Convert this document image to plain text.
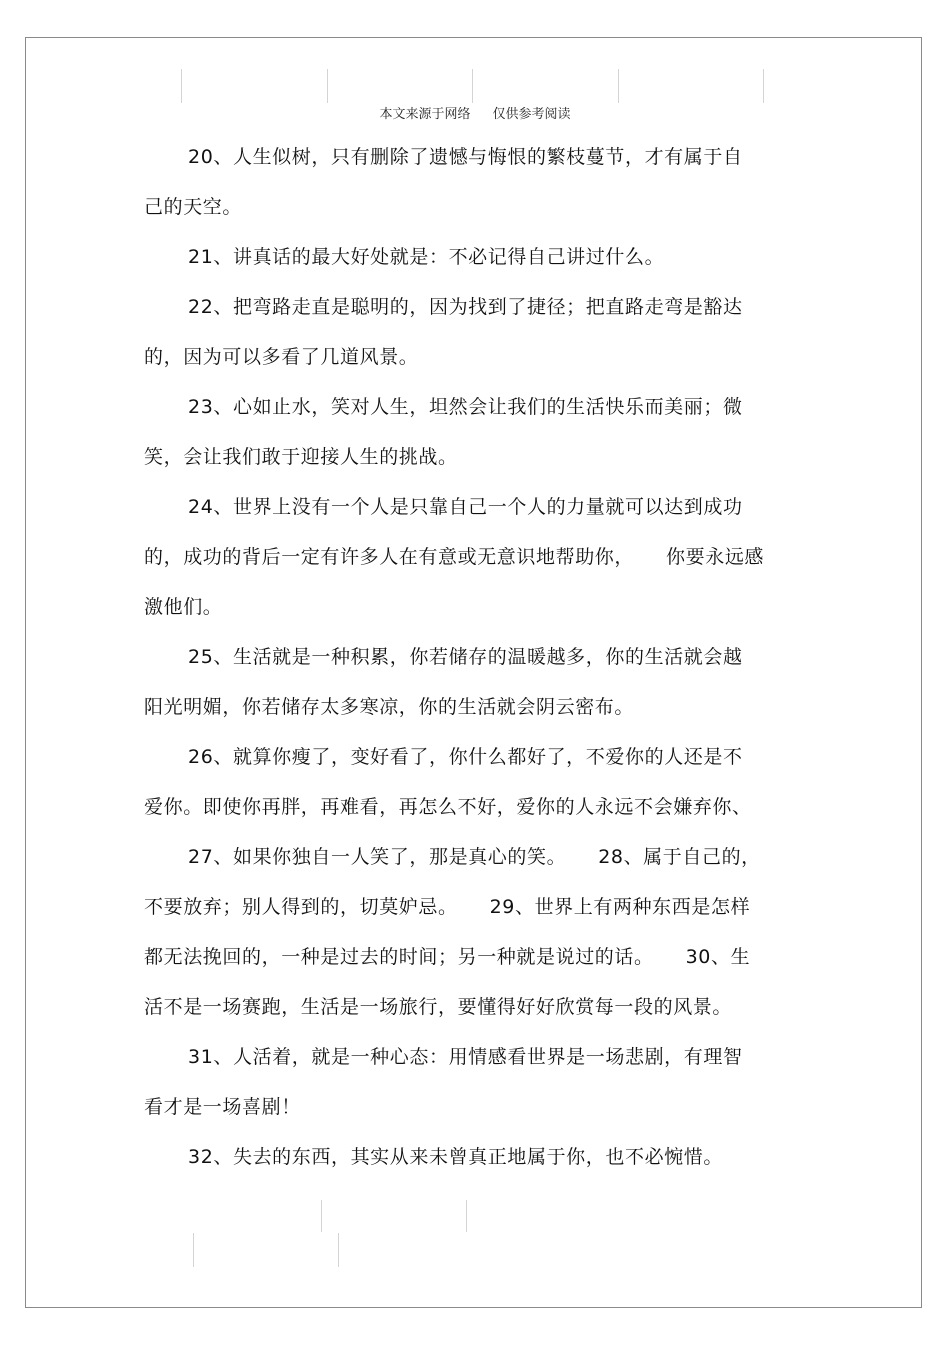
本文来源于网络 仅供参考阅读
20、人生似树，只有删除了遗憾与悔恨的繁枝蔓节，才有属于自
己的天空。
21、讲真话的最大好处就是：不必记得自己讲过什么。
22、把弯路走直是聪明的，因为找到了捷径；把直路走弯是豁达
的，因为可以多看了几道风景。
23、心如止水，笑对人生，坦然会让我们的生活快乐而美丽；微
笑，会让我们敢于迎接人生的挑战。
24、世界上没有一个人是只靠自己一个人的力量就可以达到成功
的，成功的背后一定有许多人在有意或无意识地帮助你， 你要永远感
激他们。
25、生活就是一种积累，你若储存的温暖越多，你的生活就会越
阳光明媚，你若储存太多寒凉，你的生活就会阴云密布。
26、就算你瘦了，变好看了，你什么都好了，不爱你的人还是不
爱你。即使你再胖，再难看，再怎么不好，爱你的人永远不会嫌弃你、
27、如果你独自一人笑了，那是真心的笑。 28、属于自己的，
不要放弃；别人得到的，切莫妒忌。 29、世界上有两种东西是怎样
都无法挽回的，一种是过去的时间；另一种就是说过的话。 30、生
活不是一场赛跑，生活是一场旅行，要懂得好好欣赏每一段的风景。
31、人活着，就是一种心态：用情感看世界是一场悲剧，有理智
看才是一场喜剧！
32、失去的东西，其实从来未曾真正地属于你，也不必惋惜。
